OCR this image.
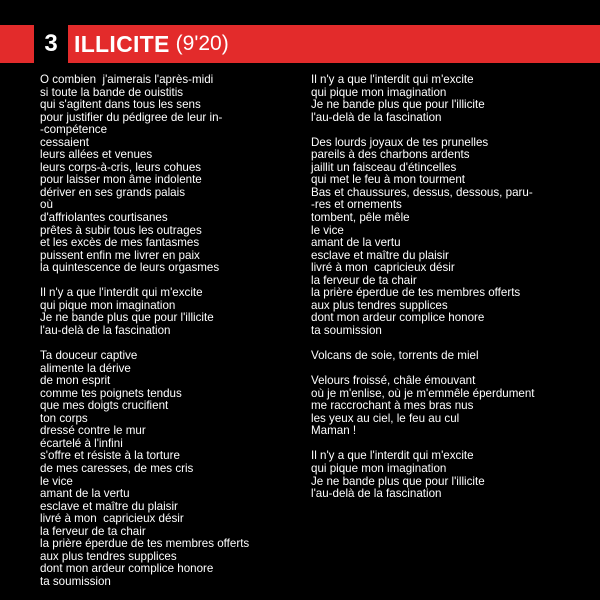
3 ILLICITE (9'20)
O combien  j'aimerais l'après-midi
si toute la bande de ouistitis
qui s'agitent dans tous les sens
pour justifier du pédigree de leur in-
-compétence
cessaient
leurs allées et venues
leurs corps-à-cris, leurs cohues
pour laisser mon âme indolente
dériver en ses grands palais
où
d'affriolantes courtisanes
prêtes à subir tous les outrages
et les excès de mes fantasmes
puissent enfin me livrer en paix
la quintescence de leurs orgasmes
Il n'y a que l'interdit qui m'excite
qui pique mon imagination
Je ne bande plus que pour l'illicite
l'au-delà de la fascination
Ta douceur captive
alimente la dérive
de mon esprit
comme tes poignets tendus
que mes doigts crucifient
ton corps
dressé contre le mur
écartelé à l'infini
s'offre et résiste à la torture
de mes caresses, de mes cris
le vice
amant de la vertu
esclave et maître du plaisir
livré à mon  capricieux désir
la ferveur de ta chair
la prière éperdue de tes membres offerts
aux plus tendres supplices
dont mon ardeur complice honore
ta soumission
Il n'y a que l'interdit qui m'excite
qui pique mon imagination
Je ne bande plus que pour l'illicite
l'au-delà de la fascination
Des lourds joyaux de tes prunelles
pareils à des charbons ardents
jaillit un faisceau d'étincelles
qui met le feu à mon tourment
Bas et chaussures, dessus, dessous, paru-
-res et ornements
tombent, pêle mêle
le vice
amant de la vertu
esclave et maître du plaisir
livré à mon  capricieux désir
la ferveur de ta chair
la prière éperdue de tes membres offerts
aux plus tendres supplices
dont mon ardeur complice honore
ta soumission
Volcans de soie, torrents de miel
Velours froissé, châle émouvant
où je m'enlise, où je m'emmêle éperdument
me raccrochant à mes bras nus
les yeux au ciel, le feu au cul
Maman !
Il n'y a que l'interdit qui m'excite
qui pique mon imagination
Je ne bande plus que pour l'illicite
l'au-delà de la fascination
